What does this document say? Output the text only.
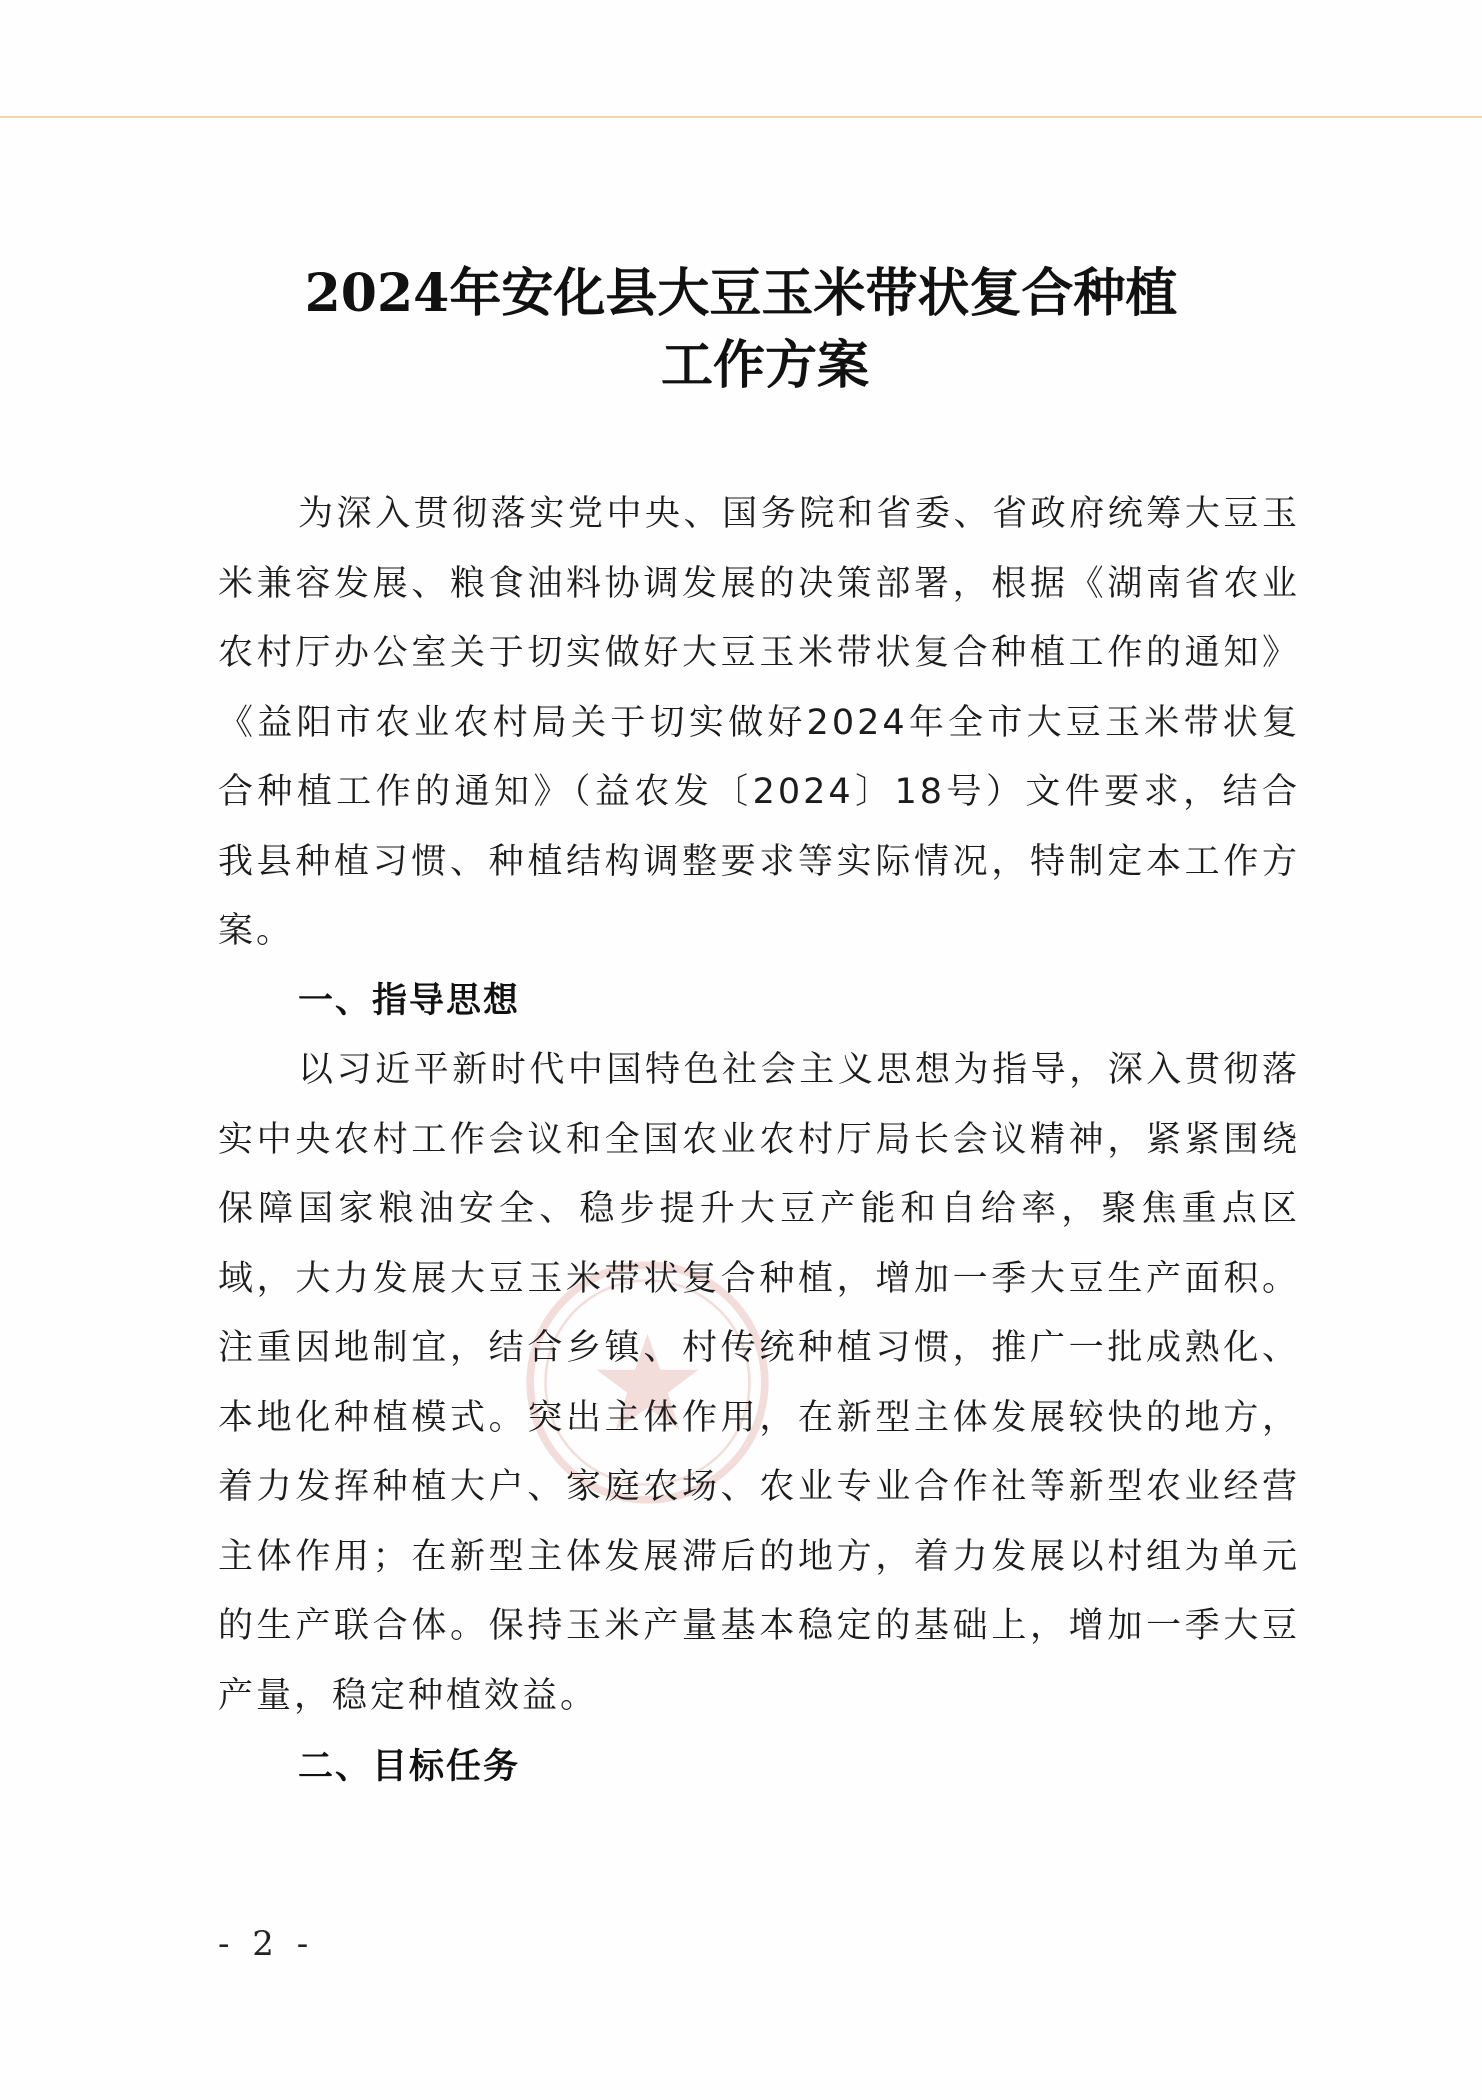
2024年安化县大豆玉米带状复合种植
工作方案

为深入贯彻落实党中央、国务院和省委、省政府统筹大豆玉米兼容发展、粮食油料协调发展的决策部署，根据《湖南省农业农村厅办公室关于切实做好大豆玉米带状复合种植工作的通知》《益阳市农业农村局关于切实做好2024年全市大豆玉米带状复合种植工作的通知》（益农发〔2024〕18号）文件要求，结合我县种植习惯、种植结构调整要求等实际情况，特制定本工作方案。

一、指导思想

以习近平新时代中国特色社会主义思想为指导，深入贯彻落实中央农村工作会议和全国农业农村厅局长会议精神，紧紧围绕保障国家粮油安全、稳步提升大豆产能和自给率，聚焦重点区域，大力发展大豆玉米带状复合种植，增加一季大豆生产面积。注重因地制宜，结合乡镇、村传统种植习惯，推广一批成熟化、本地化种植模式。突出主体作用，在新型主体发展较快的地方，着力发挥种植大户、家庭农场、农业专业合作社等新型农业经营主体作用；在新型主体发展滞后的地方，着力发展以村组为单元的生产联合体。保持玉米产量基本稳定的基础上，增加一季大豆产量，稳定种植效益。

二、目标任务

- 2 -
